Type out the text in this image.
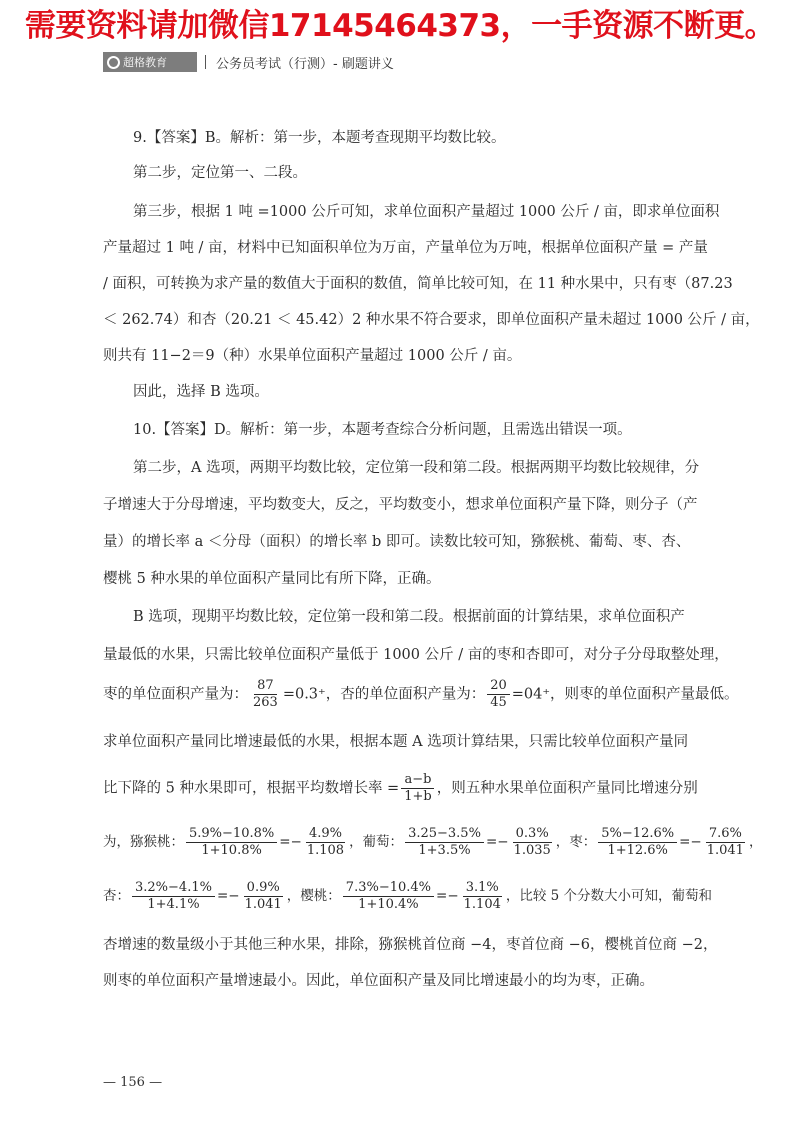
需要资料请加微信17145464373，一手资源不断更。
超格教育	公务员考试（行测）- 刷题讲义
9.【答案】B。解析：第一步，本题考查现期平均数比较。
第二步，定位第一、二段。
第三步，根据 1 吨 =1000 公斤可知，求单位面积产量超过 1000 公斤 / 亩，即求单位面积
产量超过 1 吨 / 亩，材料中已知面积单位为万亩，产量单位为万吨，根据单位面积产量 = 产量
/ 面积，可转换为求产量的数值大于面积的数值，简单比较可知，在 11 种水果中，只有枣（87.23
＜ 262.74）和杏（20.21 ＜ 45.42）2 种水果不符合要求，即单位面积产量未超过 1000 公斤 / 亩，
则共有 11−2＝9（种）水果单位面积产量超过 1000 公斤 / 亩。
因此，选择 B 选项。
10.【答案】D。解析：第一步，本题考查综合分析问题，且需选出错误一项。
第二步，A 选项，两期平均数比较，定位第一段和第二段。根据两期平均数比较规律，分
子增速大于分母增速，平均数变大，反之，平均数变小，想求单位面积产量下降，则分子（产
量）的增长率 a ＜分母（面积）的增长率 b 即可。读数比较可知，猕猴桃、葡萄、枣、杏、
樱桃 5 种水果的单位面积产量同比有所下降，正确。
B 选项，现期平均数比较，定位第一段和第二段。根据前面的计算结果，求单位面积产
量最低的水果，只需比较单位面积产量低于 1000 公斤 / 亩的枣和杏即可，对分子分母取整处理，
枣的单位面积产量为： $\frac{87}{263} =0.3^+$，杏的单位面积产量为： $\frac{20}{45} =04^+$，则枣的单位面积产量最低。
求单位面积产量同比增速最低的水果，根据本题 A 选项计算结果，只需比较单位面积产量同
比下降的 5 种水果即可，根据平均数增长率 = $\frac{a-b}{1+b}$ ，则五种水果单位面积产量同比增速分别
为，猕猴桃： $\frac{5.9\%-10.8\%}{1+10.8\%} =- \frac{4.9\%}{1.108}$ ，葡萄： $\frac{3.25-3.5\%}{1+3.5\%} =- \frac{0.3\%}{1.035}$ ，枣： $\frac{5\%-12.6\%}{1+12.6\%} =- \frac{7.6\%}{1.041}$ ，
杏： $\frac{3.2\%-4.1\%}{1+4.1\%} =- \frac{0.9\%}{1.041}$ ，樱桃： $\frac{7.3\%-10.4\%}{1+10.4\%} =- \frac{3.1\%}{1.104}$ ，比较 5 个分数大小可知，葡萄和
杏增速的数量级小于其他三种水果，排除，猕猴桃首位商 −4，枣首位商 −6，樱桃首位商 −2，
则枣的单位面积产量增速最小。因此，单位面积产量及同比增速最小的均为枣，正确。
— 156 —
